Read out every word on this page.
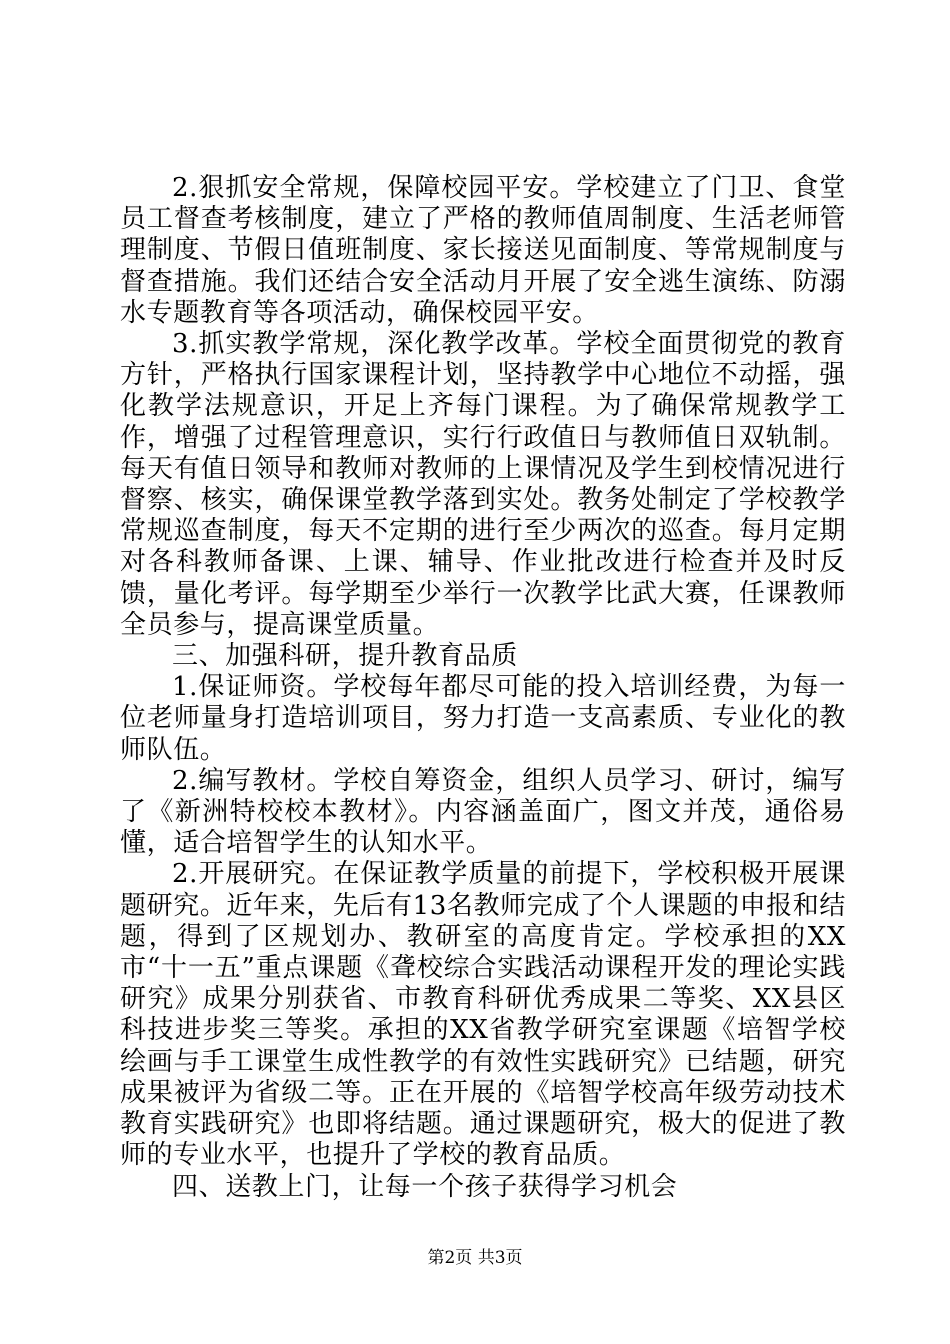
2.狠抓安全常规，保障校园平安。学校建立了门卫、食堂员工督查考核制度，建立了严格的教师值周制度、生活老师管理制度、节假日值班制度、家长接送见面制度、等常规制度与督查措施。我们还结合安全活动月开展了安全逃生演练、防溺水专题教育等各项活动，确保校园平安。

3.抓实教学常规，深化教学改革。学校全面贯彻党的教育方针，严格执行国家课程计划，坚持教学中心地位不动摇，强化教学法规意识，开足上齐每门课程。为了确保常规教学工作，增强了过程管理意识，实行行政值日与教师值日双轨制。每天有值日领导和教师对教师的上课情况及学生到校情况进行督察、核实，确保课堂教学落到实处。教务处制定了学校教学常规巡查制度，每天不定期的进行至少两次的巡查。每月定期对各科教师备课、上课、辅导、作业批改进行检查并及时反馈，量化考评。每学期至少举行一次教学比武大赛，任课教师全员参与，提高课堂质量。

三、加强科研，提升教育品质

1.保证师资。学校每年都尽可能的投入培训经费，为每一位老师量身打造培训项目，努力打造一支高素质、专业化的教师队伍。

2.编写教材。学校自筹资金，组织人员学习、研讨，编写了《新洲特校校本教材》。内容涵盖面广，图文并茂，通俗易懂，适合培智学生的认知水平。

2.开展研究。在保证教学质量的前提下，学校积极开展课题研究。近年来，先后有13名教师完成了个人课题的申报和结题，得到了区规划办、教研室的高度肯定。学校承担的XX市“十一五”重点课题《聋校综合实践活动课程开发的理论实践研究》成果分别获省、市教育科研优秀成果二等奖、XX县区科技进步奖三等奖。承担的XX省教学研究室课题《培智学校绘画与手工课堂生成性教学的有效性实践研究》已结题，研究成果被评为省级二等。正在开展的《培智学校高年级劳动技术教育实践研究》也即将结题。通过课题研究，极大的促进了教师的专业水平，也提升了学校的教育品质。

四、送教上门，让每一个孩子获得学习机会

第2页 共3页
